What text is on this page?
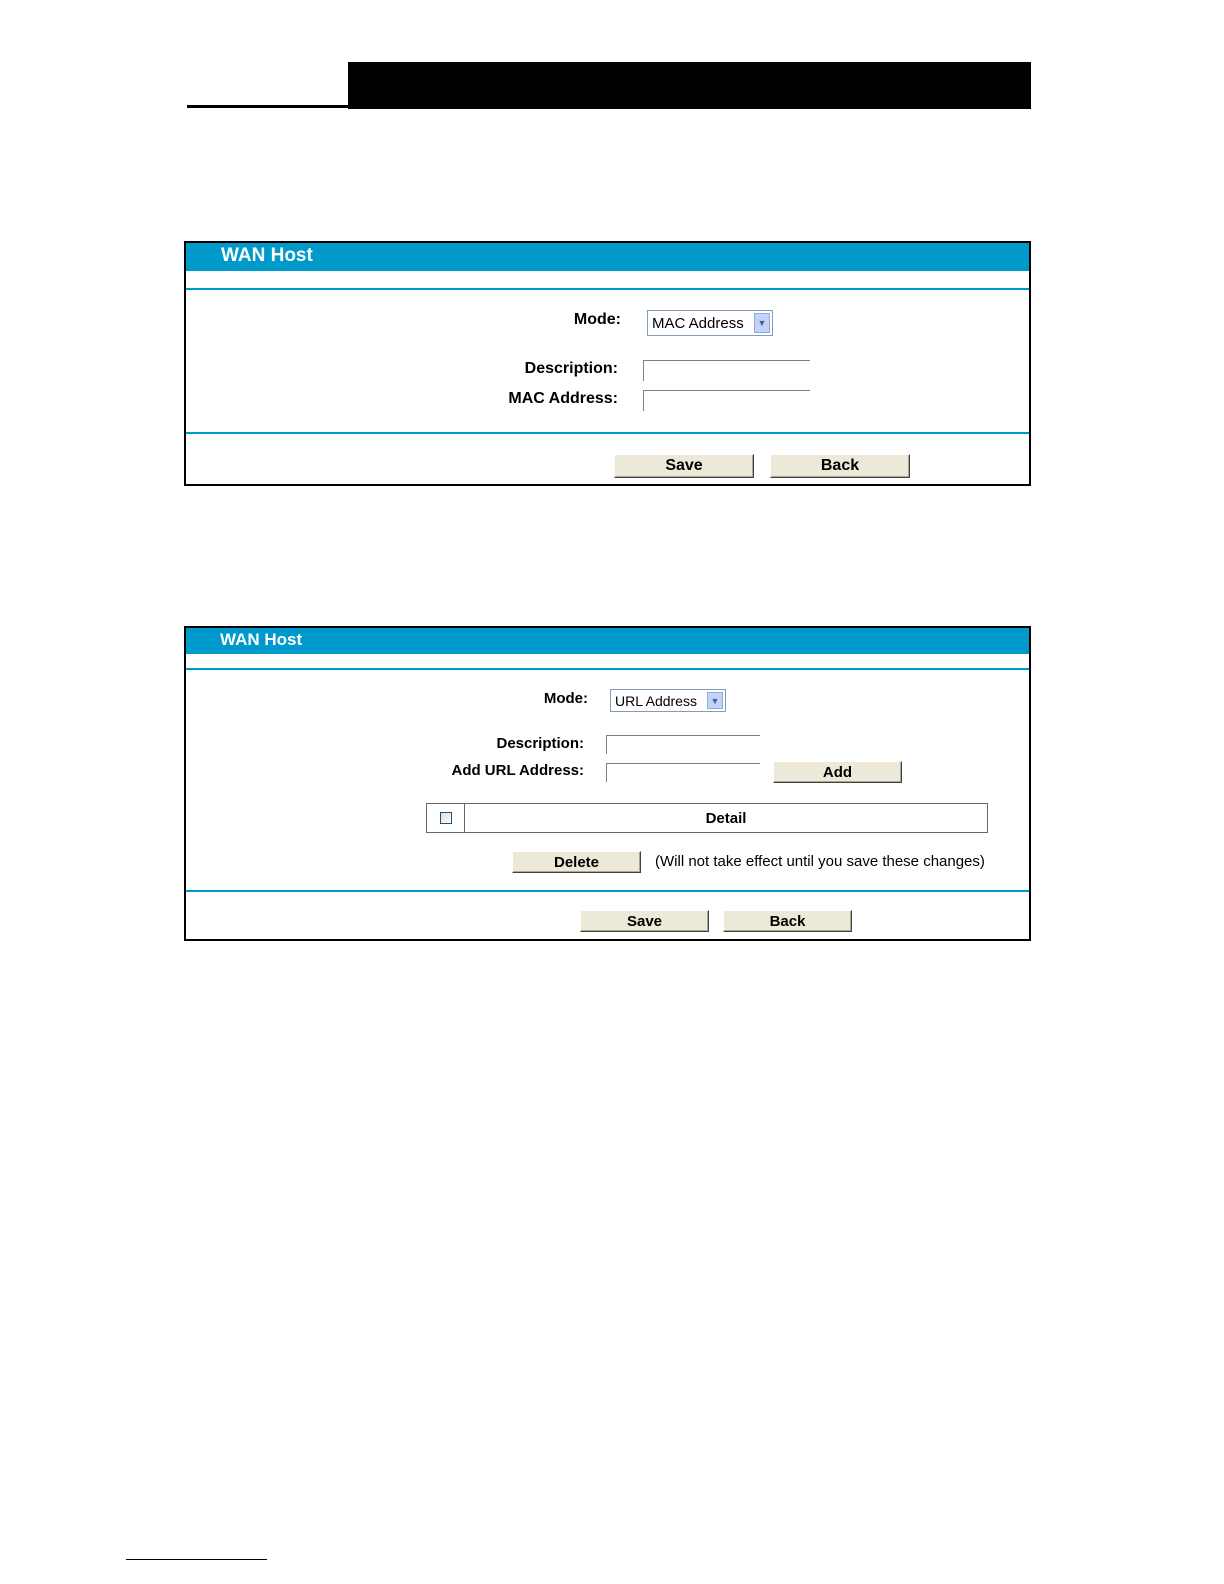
WAN Host
Mode: MAC Address	▼
Description:
MAC Address:
Save	Back
WAN Host
Mode: URL Address	▼
Description:
Add URL Address:	Add
Detail
Delete	(Will not take effect until you save these changes)
Save	Back
